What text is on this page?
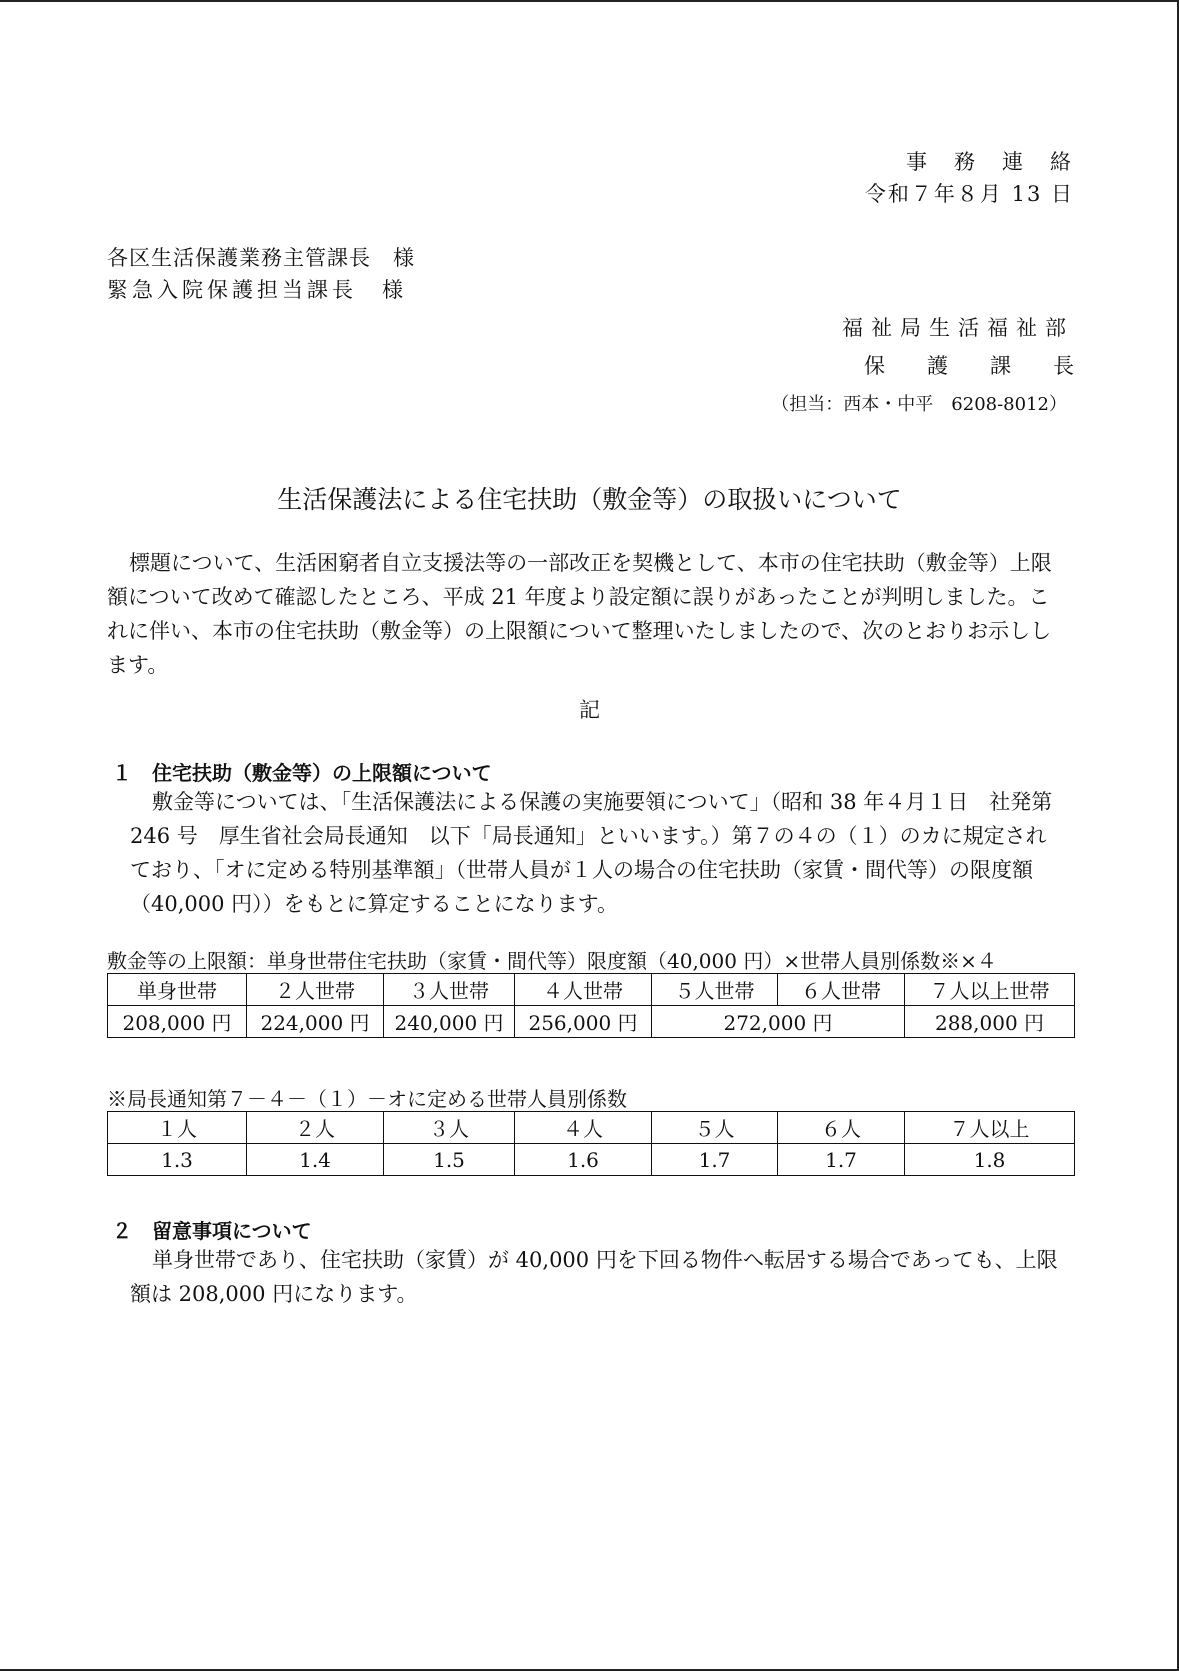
事　務　連　絡
令和７年８月 13 日
各区生活保護業務主管課長　様
緊急入院保護担当課長　様
福祉局生活福祉部
保　　護　　課　　長
（担当：西本・中平　6208-8012）
生活保護法による住宅扶助（敷金等）の取扱いについて
標題について、生活困窮者自立支援法等の一部改正を契機として、本市の住宅扶助（敷金等）上限
額について改めて確認したところ、平成 21 年度より設定額に誤りがあったことが判明しました。こ
れに伴い、本市の住宅扶助（敷金等）の上限額について整理いたしましたので、次のとおりお示しし
ます。
記
１　住宅扶助（敷金等）の上限額について
敷金等については、「生活保護法による保護の実施要領について」（昭和 38 年４月１日　社発第
246 号　厚生省社会局長通知　以下「局長通知」といいます。）第７の４の（１）のカに規定され
ており、「オに定める特別基準額」（世帯人員が１人の場合の住宅扶助（家賃・間代等）の限度額
（40,000 円））をもとに算定することになります。
敷金等の上限額：単身世帯住宅扶助（家賃・間代等）限度額（40,000 円）×世帯人員別係数※×４
単身世帯	２人世帯	３人世帯	４人世帯	５人世帯	６人世帯	７人以上世帯
208,000 円	224,000 円	240,000 円	256,000 円	272,000 円		288,000 円
※局長通知第７－４－（１）－オに定める世帯人員別係数
１人	２人	３人	４人	５人	６人	７人以上
1.3	1.4	1.5	1.6	1.7	1.7	1.8
２　留意事項について
単身世帯であり、住宅扶助（家賃）が 40,000 円を下回る物件へ転居する場合であっても、上限
額は 208,000 円になります。
